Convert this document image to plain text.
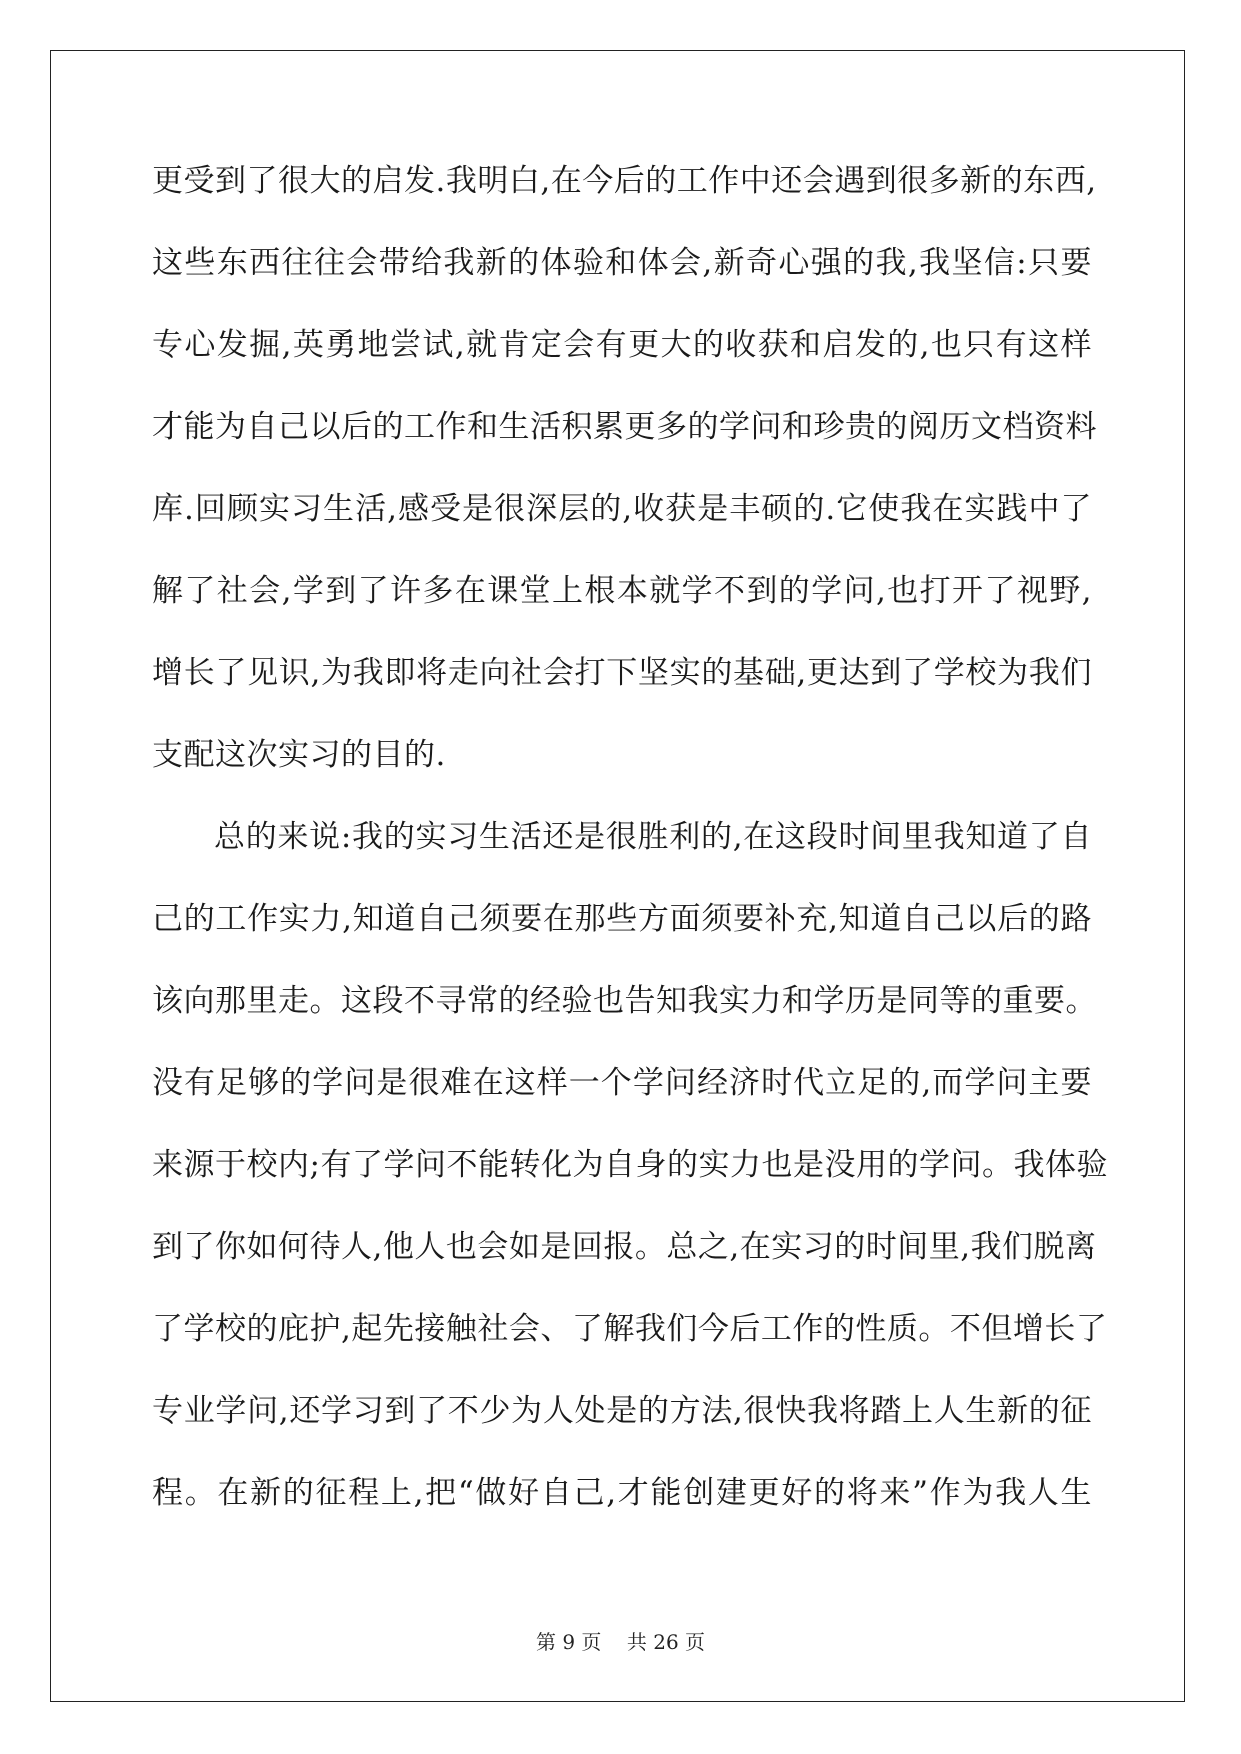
更受到了很大的启发.我明白,在今后的工作中还会遇到很多新的东西,
这些东西往往会带给我新的体验和体会,新奇心强的我,我坚信:只要
专心发掘,英勇地尝试,就肯定会有更大的收获和启发的,也只有这样
才能为自己以后的工作和生活积累更多的学问和珍贵的阅历文档资料
库.回顾实习生活,感受是很深层的,收获是丰硕的.它使我在实践中了
解了社会,学到了许多在课堂上根本就学不到的学问,也打开了视野,
增长了见识,为我即将走向社会打下坚实的基础,更达到了学校为我们
支配这次实习的目的.
总的来说:我的实习生活还是很胜利的,在这段时间里我知道了自
己的工作实力,知道自己须要在那些方面须要补充,知道自己以后的路
该向那里走。这段不寻常的经验也告知我实力和学历是同等的重要。
没有足够的学问是很难在这样一个学问经济时代立足的,而学问主要
来源于校内;有了学问不能转化为自身的实力也是没用的学问。我体验
到了你如何待人,他人也会如是回报。总之,在实习的时间里,我们脱离
了学校的庇护,起先接触社会、了解我们今后工作的性质。不但增长了
专业学问,还学习到了不少为人处是的方法,很快我将踏上人生新的征
程。在新的征程上,把“做好自己,才能创建更好的将来”作为我人生
第 9 页 共 26 页
